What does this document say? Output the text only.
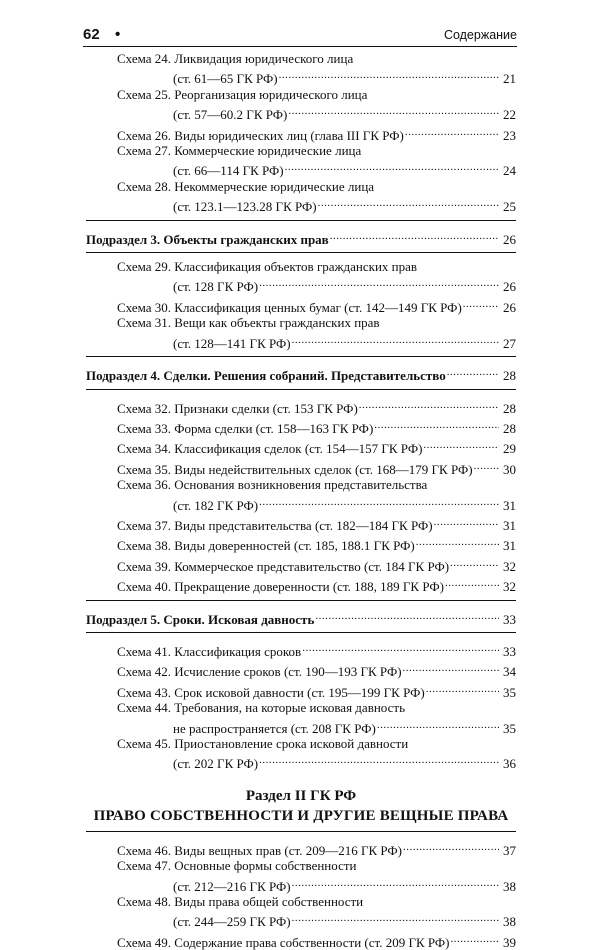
62 •	Содержание
Схема 24. Ликвидация юридического лица
(ст. 61—65 ГК РФ) .....	21
Схема 25. Реорганизация юридического лица
(ст. 57—60.2 ГК РФ) .....	22
Схема 26. Виды юридических лиц (глава III ГК РФ) .....	23
Схема 27. Коммерческие юридические лица
(ст. 66—114 ГК РФ) .....	24
Схема 28. Некоммерческие юридические лица
(ст. 123.1—123.28 ГК РФ) .....	25
Подраздел 3. Объекты гражданских прав .....	26
Схема 29. Классификация объектов гражданских прав
(ст. 128 ГК РФ) .....	26
Схема 30. Классификация ценных бумаг (ст. 142—149 ГК РФ) .....	26
Схема 31. Вещи как объекты гражданских прав
(ст. 128—141 ГК РФ) .....	27
Подраздел 4. Сделки. Решения собраний. Представительство .....	28
Схема 32. Признаки сделки (ст. 153 ГК РФ) .....	28
Схема 33. Форма сделки (ст. 158—163 ГК РФ) .....	28
Схема 34. Классификация сделок (ст. 154—157 ГК РФ) .....	29
Схема 35. Виды недействительных сделок (ст. 168—179 ГК РФ) ..... 30
Схема 36. Основания возникновения представительства
(ст. 182 ГК РФ) .....	31
Схема 37. Виды представительства (ст. 182—184 ГК РФ) .....	31
Схема 38. Виды доверенностей (ст. 185, 188.1 ГК РФ) .....	31
Схема 39. Коммерческое представительство (ст. 184 ГК РФ) .....	32
Схема 40. Прекращение доверенности (ст. 188, 189 ГК РФ) .....	32
Подраздел 5. Сроки. Исковая давность .....	33
Схема 41. Классификация сроков .....	33
Схема 42. Исчисление сроков (ст. 190—193 ГК РФ) .....	34
Схема 43. Срок исковой давности (ст. 195—199 ГК РФ) .....	35
Схема 44. Требования, на которые исковая давность
не распространяется (ст. 208 ГК РФ) .....	35
Схема 45. Приостановление срока исковой давности
(ст. 202 ГК РФ) .....	36
Раздел II ГК РФ
ПРАВО СОБСТВЕННОСТИ И ДРУГИЕ ВЕЩНЫЕ ПРАВА
Схема 46. Виды вещных прав (ст. 209—216 ГК РФ) .....	37
Схема 47. Основные формы собственности
(ст. 212—216 ГК РФ) .....	38
Схема 48. Виды права общей собственности
(ст. 244—259 ГК РФ) .....	38
Схема 49. Содержание права собственности (ст. 209 ГК РФ) .....	39
